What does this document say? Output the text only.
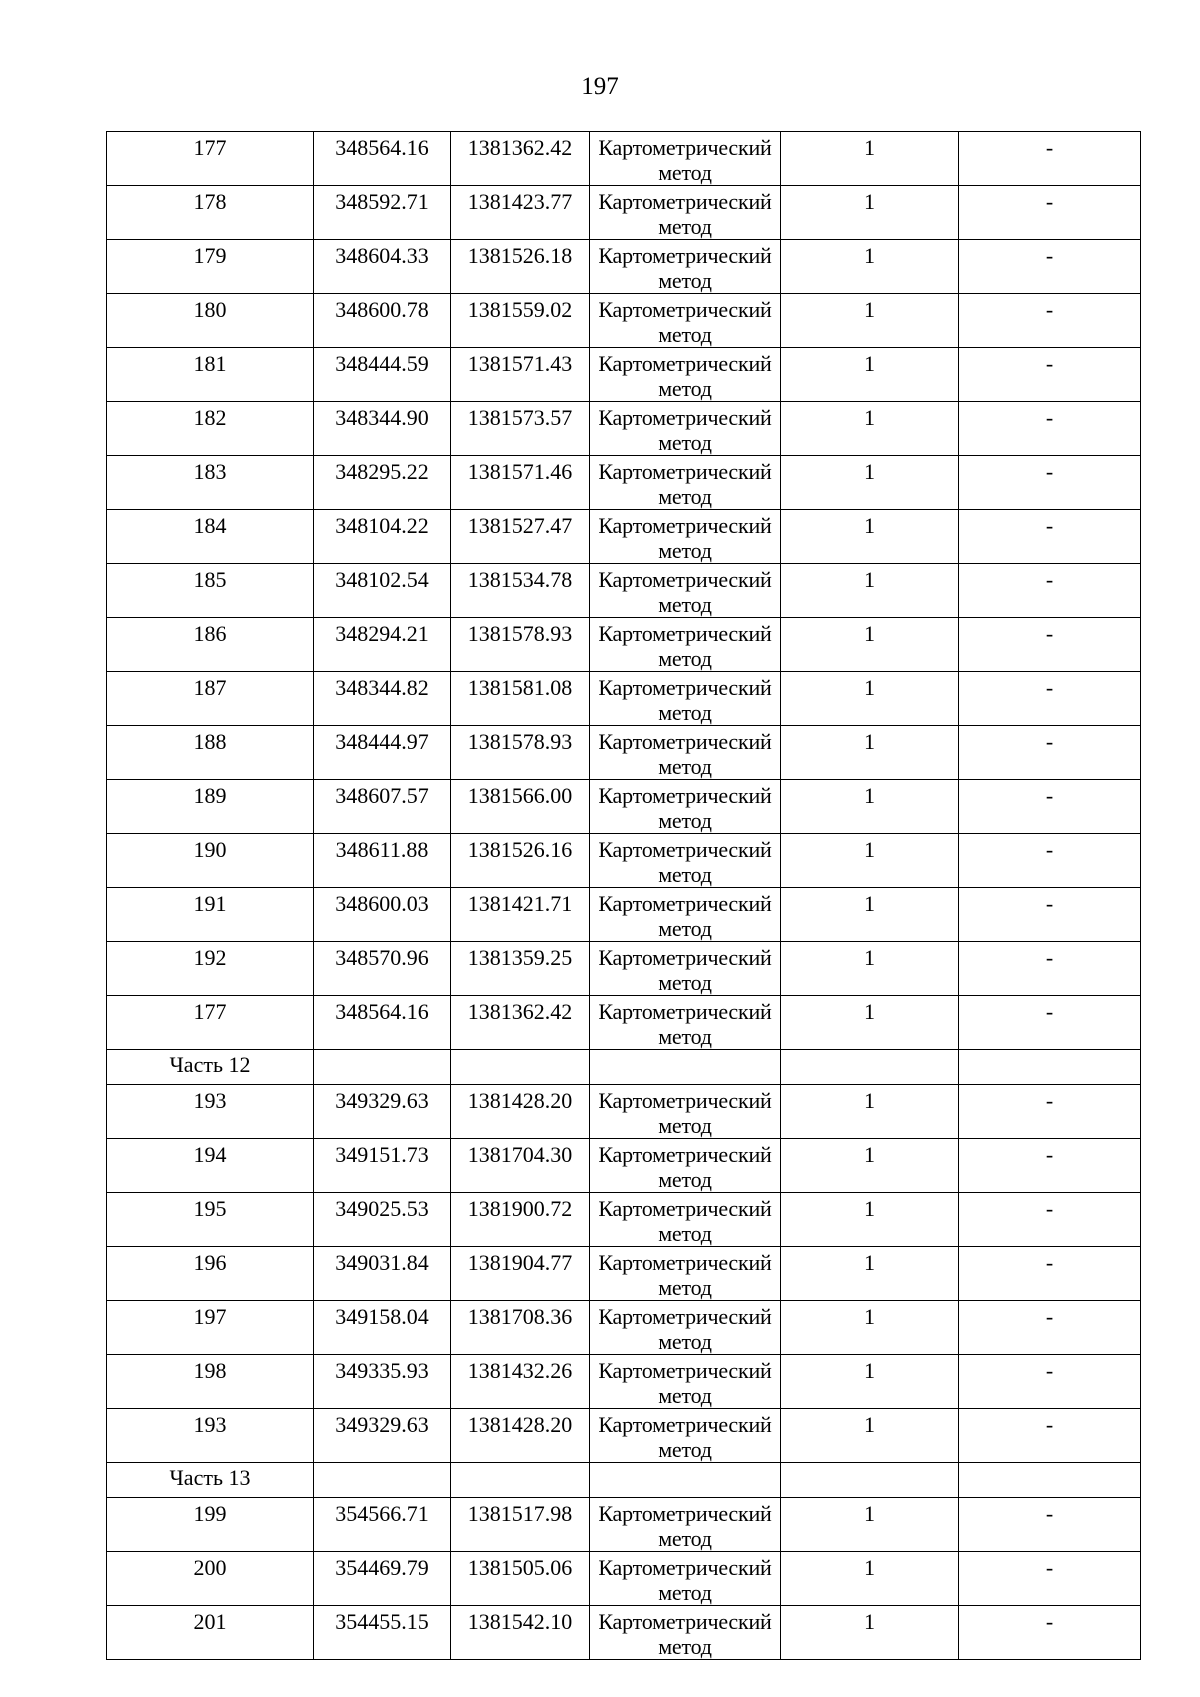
197
177	348564.16	1381362.42	Картометрический метод	1	-

178	348592.71	1381423.77	Картометрический метод	1	-

179	348604.33	1381526.18	Картометрический метод	1	-

180	348600.78	1381559.02	Картометрический метод	1	-

181	348444.59	1381571.43	Картометрический метод	1	-

182	348344.90	1381573.57	Картометрический метод	1	-

183	348295.22	1381571.46	Картометрический метод	1	-

184	348104.22	1381527.47	Картометрический метод	1	-

185	348102.54	1381534.78	Картометрический метод	1	-

186	348294.21	1381578.93	Картометрический метод	1	-

187	348344.82	1381581.08	Картометрический метод	1	-

188	348444.97	1381578.93	Картометрический метод	1	-

189	348607.57	1381566.00	Картометрический метод	1	-

190	348611.88	1381526.16	Картометрический метод	1	-

191	348600.03	1381421.71	Картометрический метод	1	-

192	348570.96	1381359.25	Картометрический метод	1	-

177	348564.16	1381362.42	Картометрический метод	1	-

Часть 12					

193	349329.63	1381428.20	Картометрический метод	1	-

194	349151.73	1381704.30	Картометрический метод	1	-

195	349025.53	1381900.72	Картометрический метод	1	-

196	349031.84	1381904.77	Картометрический метод	1	-

197	349158.04	1381708.36	Картометрический метод	1	-

198	349335.93	1381432.26	Картометрический метод	1	-

193	349329.63	1381428.20	Картометрический метод	1	-

Часть 13					

199	354566.71	1381517.98	Картометрический метод	1	-

200	354469.79	1381505.06	Картометрический метод	1	-

201	354455.15	1381542.10	Картометрический метод	1	-
